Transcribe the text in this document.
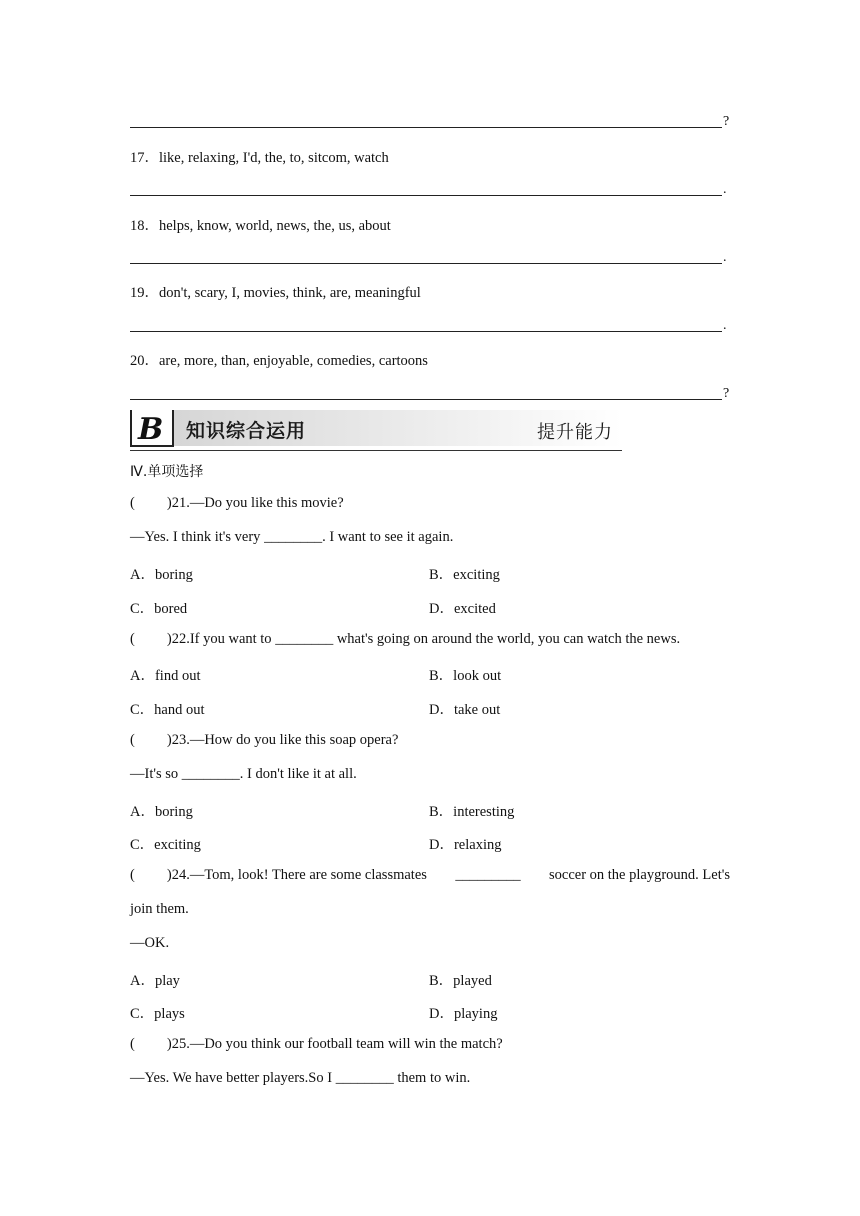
?
17．like, relaxing, I'd, the, to, sitcom, watch
.
18．helps, know, world, news, the, us, about
.
19．don't, scary, I, movies, think, are, meaningful
.
20．are, more, than, enjoyable, comedies, cartoons
?
B 知识综合运用	提升能力
Ⅳ.单项选择
( )21.—Do you like this movie?
—Yes. I think it's very ________. I want to see it again.
A．boring	B．exciting
C．bored	D．excited
( )22.If you want to ________ what's going on around the world, you can watch the news.
A．find out	B．look out
C．hand out	D．take out
( )23.—How do you like this soap opera?
—It's so ________. I don't like it at all.
A．boring	B．interesting
C．exciting	D．relaxing
( )24.—Tom, look! There are some classmates _________ soccer on the playground. Let's
join them.
—OK.
A．play	B．played
C．plays	D．playing
( )25.—Do you think our football team will win the match?
—Yes. We have better players.So I ________ them to win.
